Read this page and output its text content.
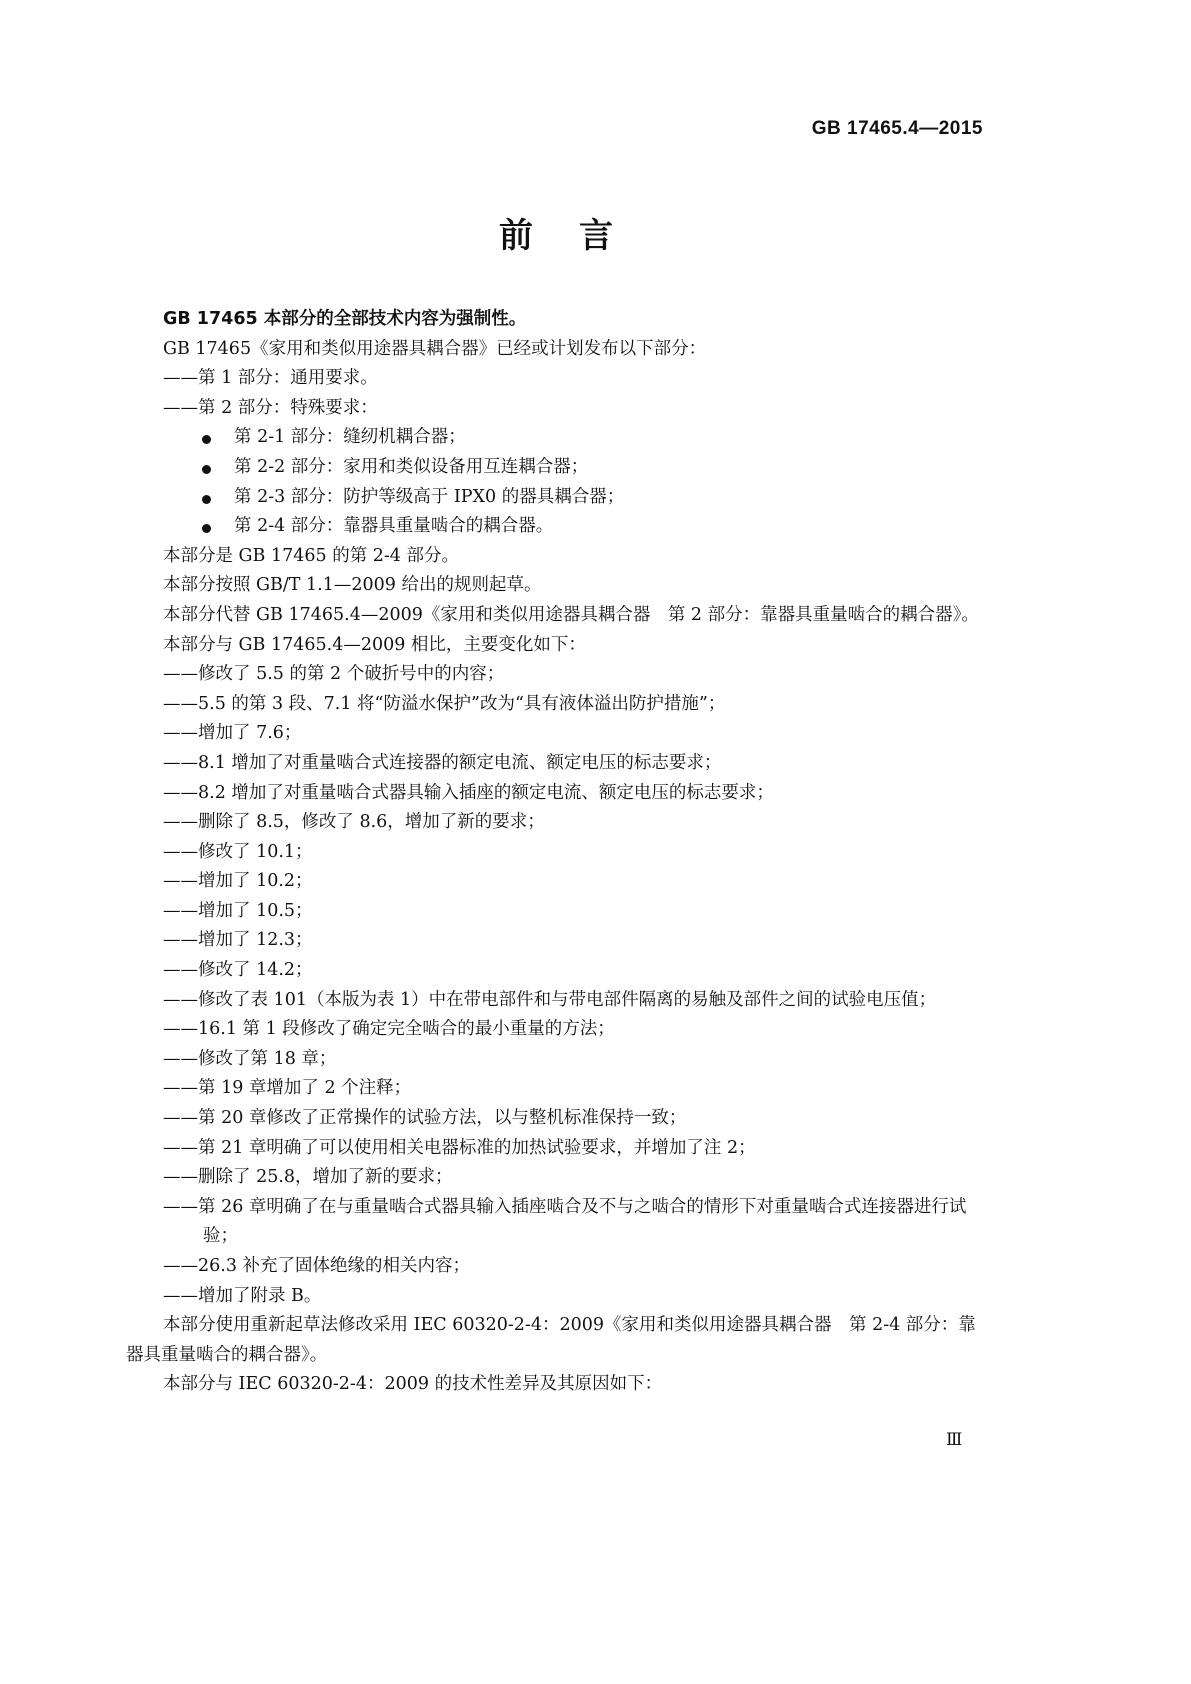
GB 17465.4—2015
前言
GB 17465 本部分的全部技术内容为强制性。
GB 17465《家用和类似用途器具耦合器》已经或计划发布以下部分：
——第 1 部分：通用要求。
——第 2 部分：特殊要求：
第 2-1 部分：缝纫机耦合器；
第 2-2 部分：家用和类似设备用互连耦合器；
第 2-3 部分：防护等级高于 IPX0 的器具耦合器；
第 2-4 部分：靠器具重量啮合的耦合器。
本部分是 GB 17465 的第 2-4 部分。
本部分按照 GB/T 1.1—2009 给出的规则起草。
本部分代替 GB 17465.4—2009《家用和类似用途器具耦合器　第 2 部分：靠器具重量啮合的耦合器》。
本部分与 GB 17465.4—2009 相比，主要变化如下：
——修改了 5.5 的第 2 个破折号中的内容；
——5.5 的第 3 段、7.1 将“防溢水保护”改为“具有液体溢出防护措施”；
——增加了 7.6；
——8.1 增加了对重量啮合式连接器的额定电流、额定电压的标志要求；
——8.2 增加了对重量啮合式器具输入插座的额定电流、额定电压的标志要求；
——删除了 8.5，修改了 8.6，增加了新的要求；
——修改了 10.1；
——增加了 10.2；
——增加了 10.5；
——增加了 12.3；
——修改了 14.2；
——修改了表 101（本版为表 1）中在带电部件和与带电部件隔离的易触及部件之间的试验电压值；
——16.1 第 1 段修改了确定完全啮合的最小重量的方法；
——修改了第 18 章；
——第 19 章增加了 2 个注释；
——第 20 章修改了正常操作的试验方法，以与整机标准保持一致；
——第 21 章明确了可以使用相关电器标准的加热试验要求，并增加了注 2；
——删除了 25.8，增加了新的要求；
——第 26 章明确了在与重量啮合式器具输入插座啮合及不与之啮合的情形下对重量啮合式连接器进行试验；
——26.3 补充了固体绝缘的相关内容；
——增加了附录 B。
本部分使用重新起草法修改采用 IEC 60320-2-4：2009《家用和类似用途器具耦合器　第 2-4 部分：靠器具重量啮合的耦合器》。
本部分与 IEC 60320-2-4：2009 的技术性差异及其原因如下：
Ⅲ
